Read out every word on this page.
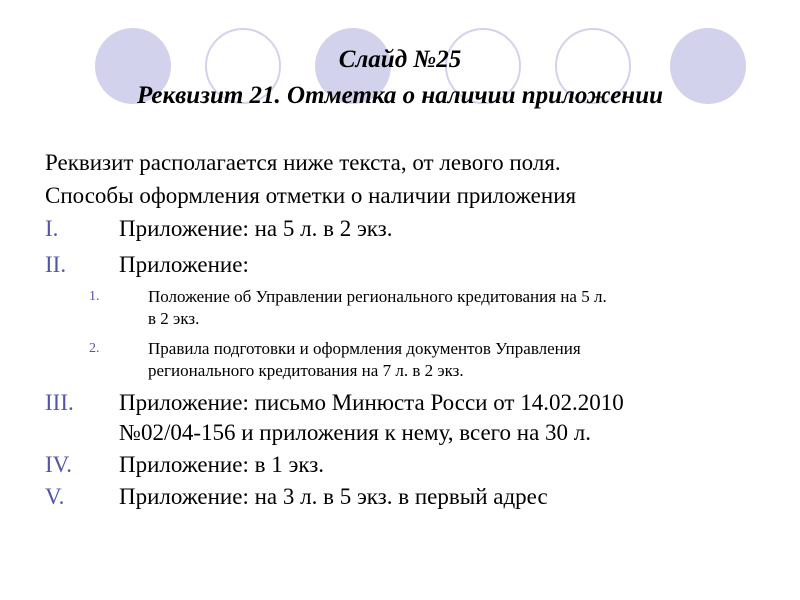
Слайд №25
Реквизит 21. Отметка о наличии приложении
Реквизит располагается ниже текста, от левого поля.
Способы оформления отметки о наличии приложения
I.	Приложение: на 5 л. в 2 экз.
II. Приложение:
1.	Положение об Управлении регионального кредитования на 5 л.
в 2 экз.
2.	Правила подготовки и оформления документов Управления
регионального кредитования на 7 л. в 2 экз.
III. Приложение: письмо Минюста Росси от 14.02.2010
№02/04-156 и приложения к нему, всего на 30 л.
IV. Приложение: в 1 экз.
V. Приложение: на 3 л. в 5 экз. в первый адрес
